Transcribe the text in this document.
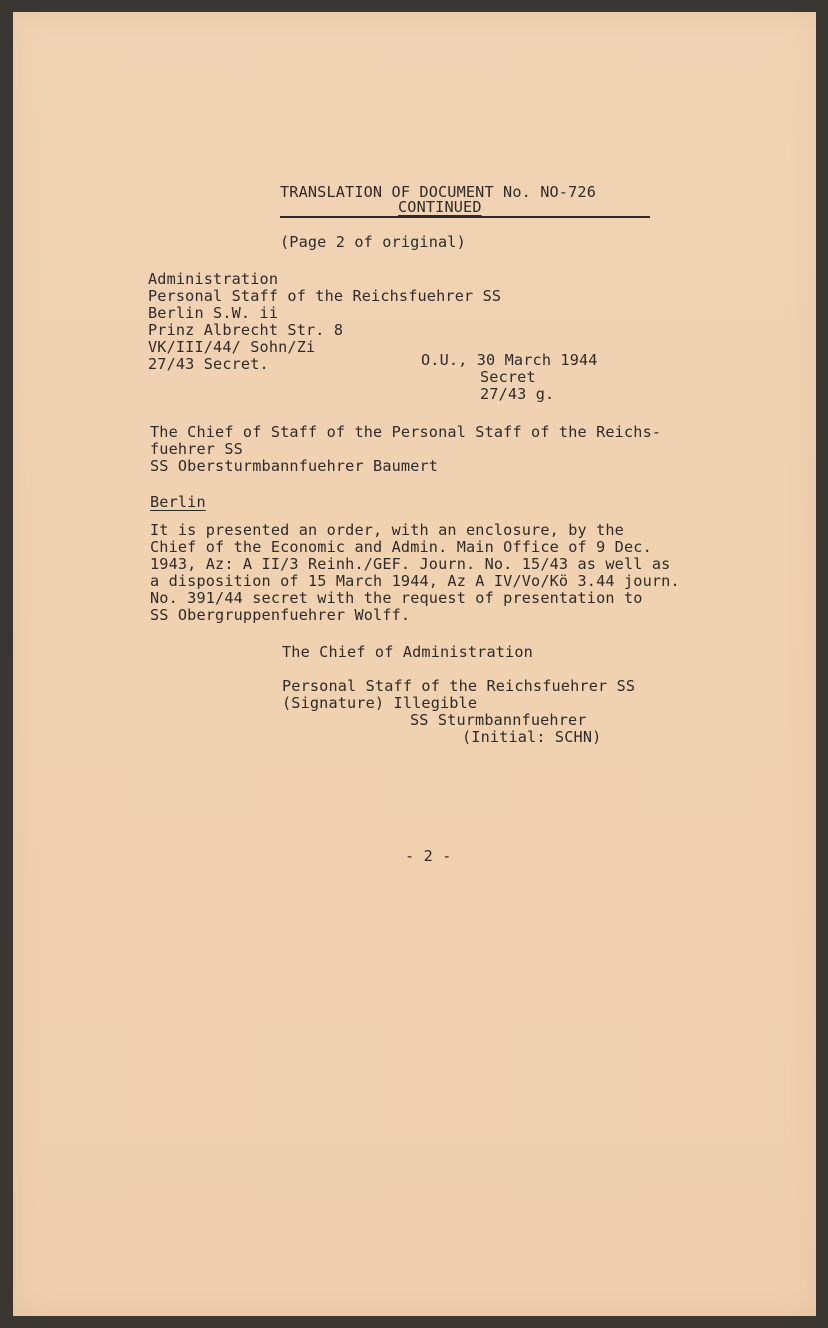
TRANSLATION OF DOCUMENT No. NO-726
CONTINUED
(Page 2 of original)
Administration
Personal Staff of the Reichsfuehrer SS
Berlin S.W. ii
Prinz Albrecht Str. 8
VK/III/44/ Sohn/Zi
27/43 Secret.	O.U., 30 March 1944
Secret
27/43 g.
The Chief of Staff of the Personal Staff of the Reichs-
fuehrer SS
SS Obersturmbannfuehrer Baumert
Berlin
It is presented an order, with an enclosure, by the
Chief of the Economic and Admin. Main Office of 9 Dec.
1943, Az: A II/3 Reinh./GEF. Journ. No. 15/43 as well as
a disposition of 15 March 1944, Az A IV/Vo/Kö 3.44 journ.
No. 391/44 secret with the request of presentation to
SS Obergruppenfuehrer Wolff.
The Chief of Administration
Personal Staff of the Reichsfuehrer SS
(Signature) Illegible
SS Sturmbannfuehrer
(Initial: SCHN)
- 2 -
